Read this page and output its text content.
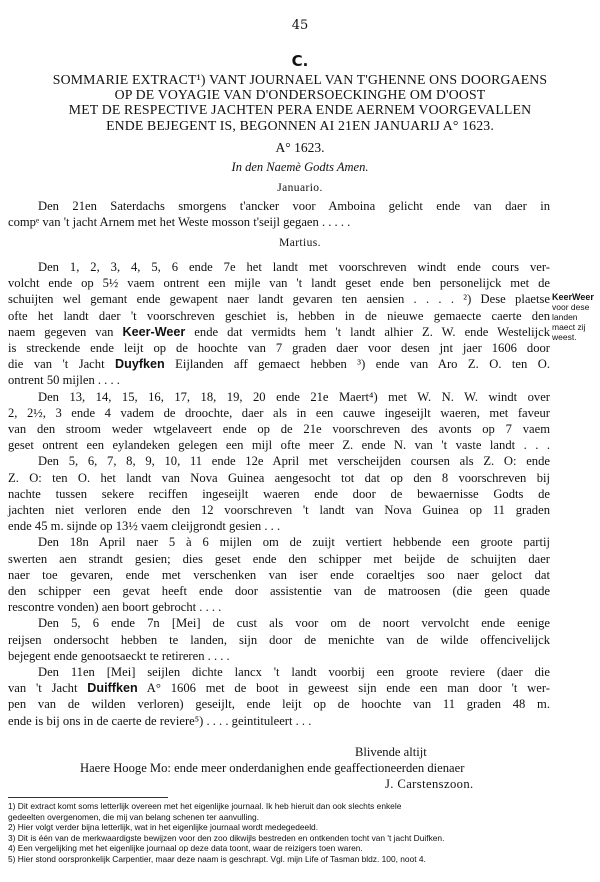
45
C.
SOMMARIE EXTRACT¹) VANT JOURNAEL VAN T'GHENNE ONS DOORGAENS
OP DE VOYAGIE VAN D'ONDERSOECKINGHE OM D'OOST
MET DE RESPECTIVE JACHTEN PERA ENDE AERNEM VOORGEVALLEN
ENDE BEJEGENT IS, BEGONNEN AI 21EN JANUARIJ A° 1623.
A° 1623.
In den Naemè Godts Amen.
Januario.
Den 21en Saterdachs smorgens t'ancker voor Amboina gelicht ende van daer in
compᵉ van 't jacht Arnem met het Weste mosson t'seijl gegaen . . . . .
Martius.
Den 1, 2, 3, 4, 5, 6 ende 7e het landt met voorschreven windt ende cours ver-
volcht ende op 5½ vaem ontrent een mijle van 't landt geset ende ben personelijck met de
schuijten wel gemant ende gewapent naer landt gevaren ten aensien . . . . ²) Dese plaetse
ofte het landt daer 't voorschreven geschiet is, hebben in de nieuwe gemaecte caerte den
naem gegeven van Keer-Weer ende dat vermidts hem 't landt alhier Z. W. ende Westelijck
is streckende ende leijt op de hoochte van 7 graden daer voor desen jnt jaer 1606 door
die van 't Jacht Duyfken Eijlanden aff gemaect hebben ³) ende van Aro Z. O. ten O.
ontrent 50 mijlen . . . .
Den 13, 14, 15, 16, 17, 18, 19, 20 ende 21e Maert⁴) met W. N. W. windt over
2, 2½, 3 ende 4 vadem de droochte, daer als in een cauwe ingeseijlt waeren, met faveur
van den stroom weder wtgelaveert ende op de 21e voorschreven des avonts op 7 vaem
geset ontrent een eylandeken gelegen een mijl ofte meer Z. ende N. van 't vaste landt . . .
Den 5, 6, 7, 8, 9, 10, 11 ende 12e April met verscheijden coursen als Z. O: ende
Z. O: ten O. het landt van Nova Guinea aengesocht tot dat op den 8 voorschreven bij
nachte tussen sekere reciffen ingeseijlt waeren ende door de bewaernisse Godts de
jachten niet verloren ende den 12 voorschreven 't landt van Nova Guinea op 11 graden
ende 45 m. sijnde op 13½ vaem cleijgrondt gesien . . .
Den 18n April naer 5 à 6 mijlen om de zuijt vertiert hebbende een groote partij
swerten aen strandt gesien; dies geset ende den schipper met beijde de schuijten daer
naer toe gevaren, ende met verschenken van iser ende coraeltjes soo naer geloct dat
den schipper een gevat heeft ende door assistentie van de matroosen (die geen quade
rescontre vonden) aen boort gebrocht . . . .
Den 5, 6 ende 7n [Mei] de cust als voor om de noort vervolcht ende eenige
reijsen ondersocht hebben te landen, sijn door de menichte van de wilde offencivelijck
bejegent ende genootsaeckt te retireren . . . .
Den 11en [Mei] seijlen dichte lancx 't landt voorbij een groote reviere (daer die
van 't Jacht Duiffken A° 1606 met de boot in geweest sijn ende een man door 't wer-
pen van de wilden verloren) geseijlt, ende leijt op de hoochte van 11 graden 48 m.
ende is bij ons in de caerte de reviere⁵) . . . . geintituleert . . .
KeerWeer
voor dese
landen
maect zij
weest.
Blivende altijt
Haere Hooge Mo: ende meer onderdanighen ende geaffectioneerden dienaer
J. Carstenszoon.
1) Dit extract komt soms letterlijk overeen met het eigenlijke journaal. Ik heb hieruit dan ook slechts enkele
gedeelten overgenomen, die mij van belang schenen ter aanvulling.
2) Hier volgt verder bijna letterlijk, wat in het eigenlijke journaal wordt medegedeeld.
3) Dit is één van de merkwaardigste bewijzen voor den zoo dikwijls bestreden en ontkenden tocht van 't jacht Duifken.
4) Een vergelijking met het eigenlijke journaal op deze data toont, waar de reizigers toen waren.
5) Hier stond oorspronkelijk Carpentier, maar deze naam is geschrapt. Vgl. mijn Life of Tasman bldz. 100, noot 4.
